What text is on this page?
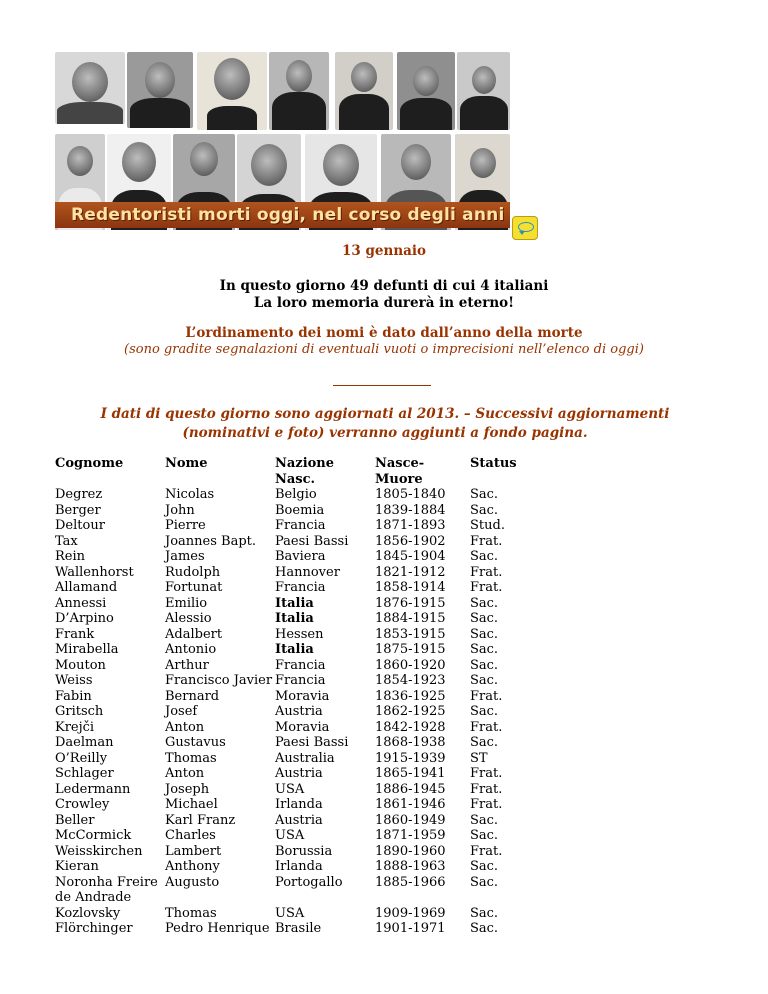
Redentoristi morti oggi, nel corso degli anni
13 gennaio
In questo giorno 49 defunti di cui 4 italiani
La loro memoria durerà in eterno!
L’ordinamento dei nomi è dato dall’anno della morte
(sono gradite segnalazioni di eventuali vuoti o imprecisioni nell’elenco di oggi)
I dati di questo giorno sono aggiornati al 2013. – Successivi aggiornamenti (nominativi e foto) verranno aggiunti a fondo pagina.
Cognome	Nome	Nazione Nasc.	Nasce-Muore	Status
Degrez	Nicolas	Belgio	1805-1840	Sac.
Berger	John	Boemia	1839-1884	Sac.
Deltour	Pierre	Francia	1871-1893	Stud.
Tax	Joannes Bapt.	Paesi Bassi	1856-1902	Frat.
Rein	James	Baviera	1845-1904	Sac.
Wallenhorst	Rudolph	Hannover	1821-1912	Frat.
Allamand	Fortunat	Francia	1858-1914	Frat.
Annessi	Emilio	Italia	1876-1915	Sac.
D’Arpino	Alessio	Italia	1884-1915	Sac.
Frank	Adalbert	Hessen	1853-1915	Sac.
Mirabella	Antonio	Italia	1875-1915	Sac.
Mouton	Arthur	Francia	1860-1920	Sac.
Weiss	Francisco Javier	Francia	1854-1923	Sac.
Fabin	Bernard	Moravia	1836-1925	Frat.
Gritsch	Josef	Austria	1862-1925	Sac.
Krejči	Anton	Moravia	1842-1928	Frat.
Daelman	Gustavus	Paesi Bassi	1868-1938	Sac.
O’Reilly	Thomas	Australia	1915-1939	ST
Schlager	Anton	Austria	1865-1941	Frat.
Ledermann	Joseph	USA	1886-1945	Frat.
Crowley	Michael	Irlanda	1861-1946	Frat.
Beller	Karl Franz	Austria	1860-1949	Sac.
McCormick	Charles	USA	1871-1959	Sac.
Weisskirchen	Lambert	Borussia	1890-1960	Frat.
Kieran	Anthony	Irlanda	1888-1963	Sac.
Noronha Freire de Andrade	Augusto	Portogallo	1885-1966	Sac.
Kozlovsky	Thomas	USA	1909-1969	Sac.
Flörchinger	Pedro Henrique	Brasile	1901-1971	Sac.
